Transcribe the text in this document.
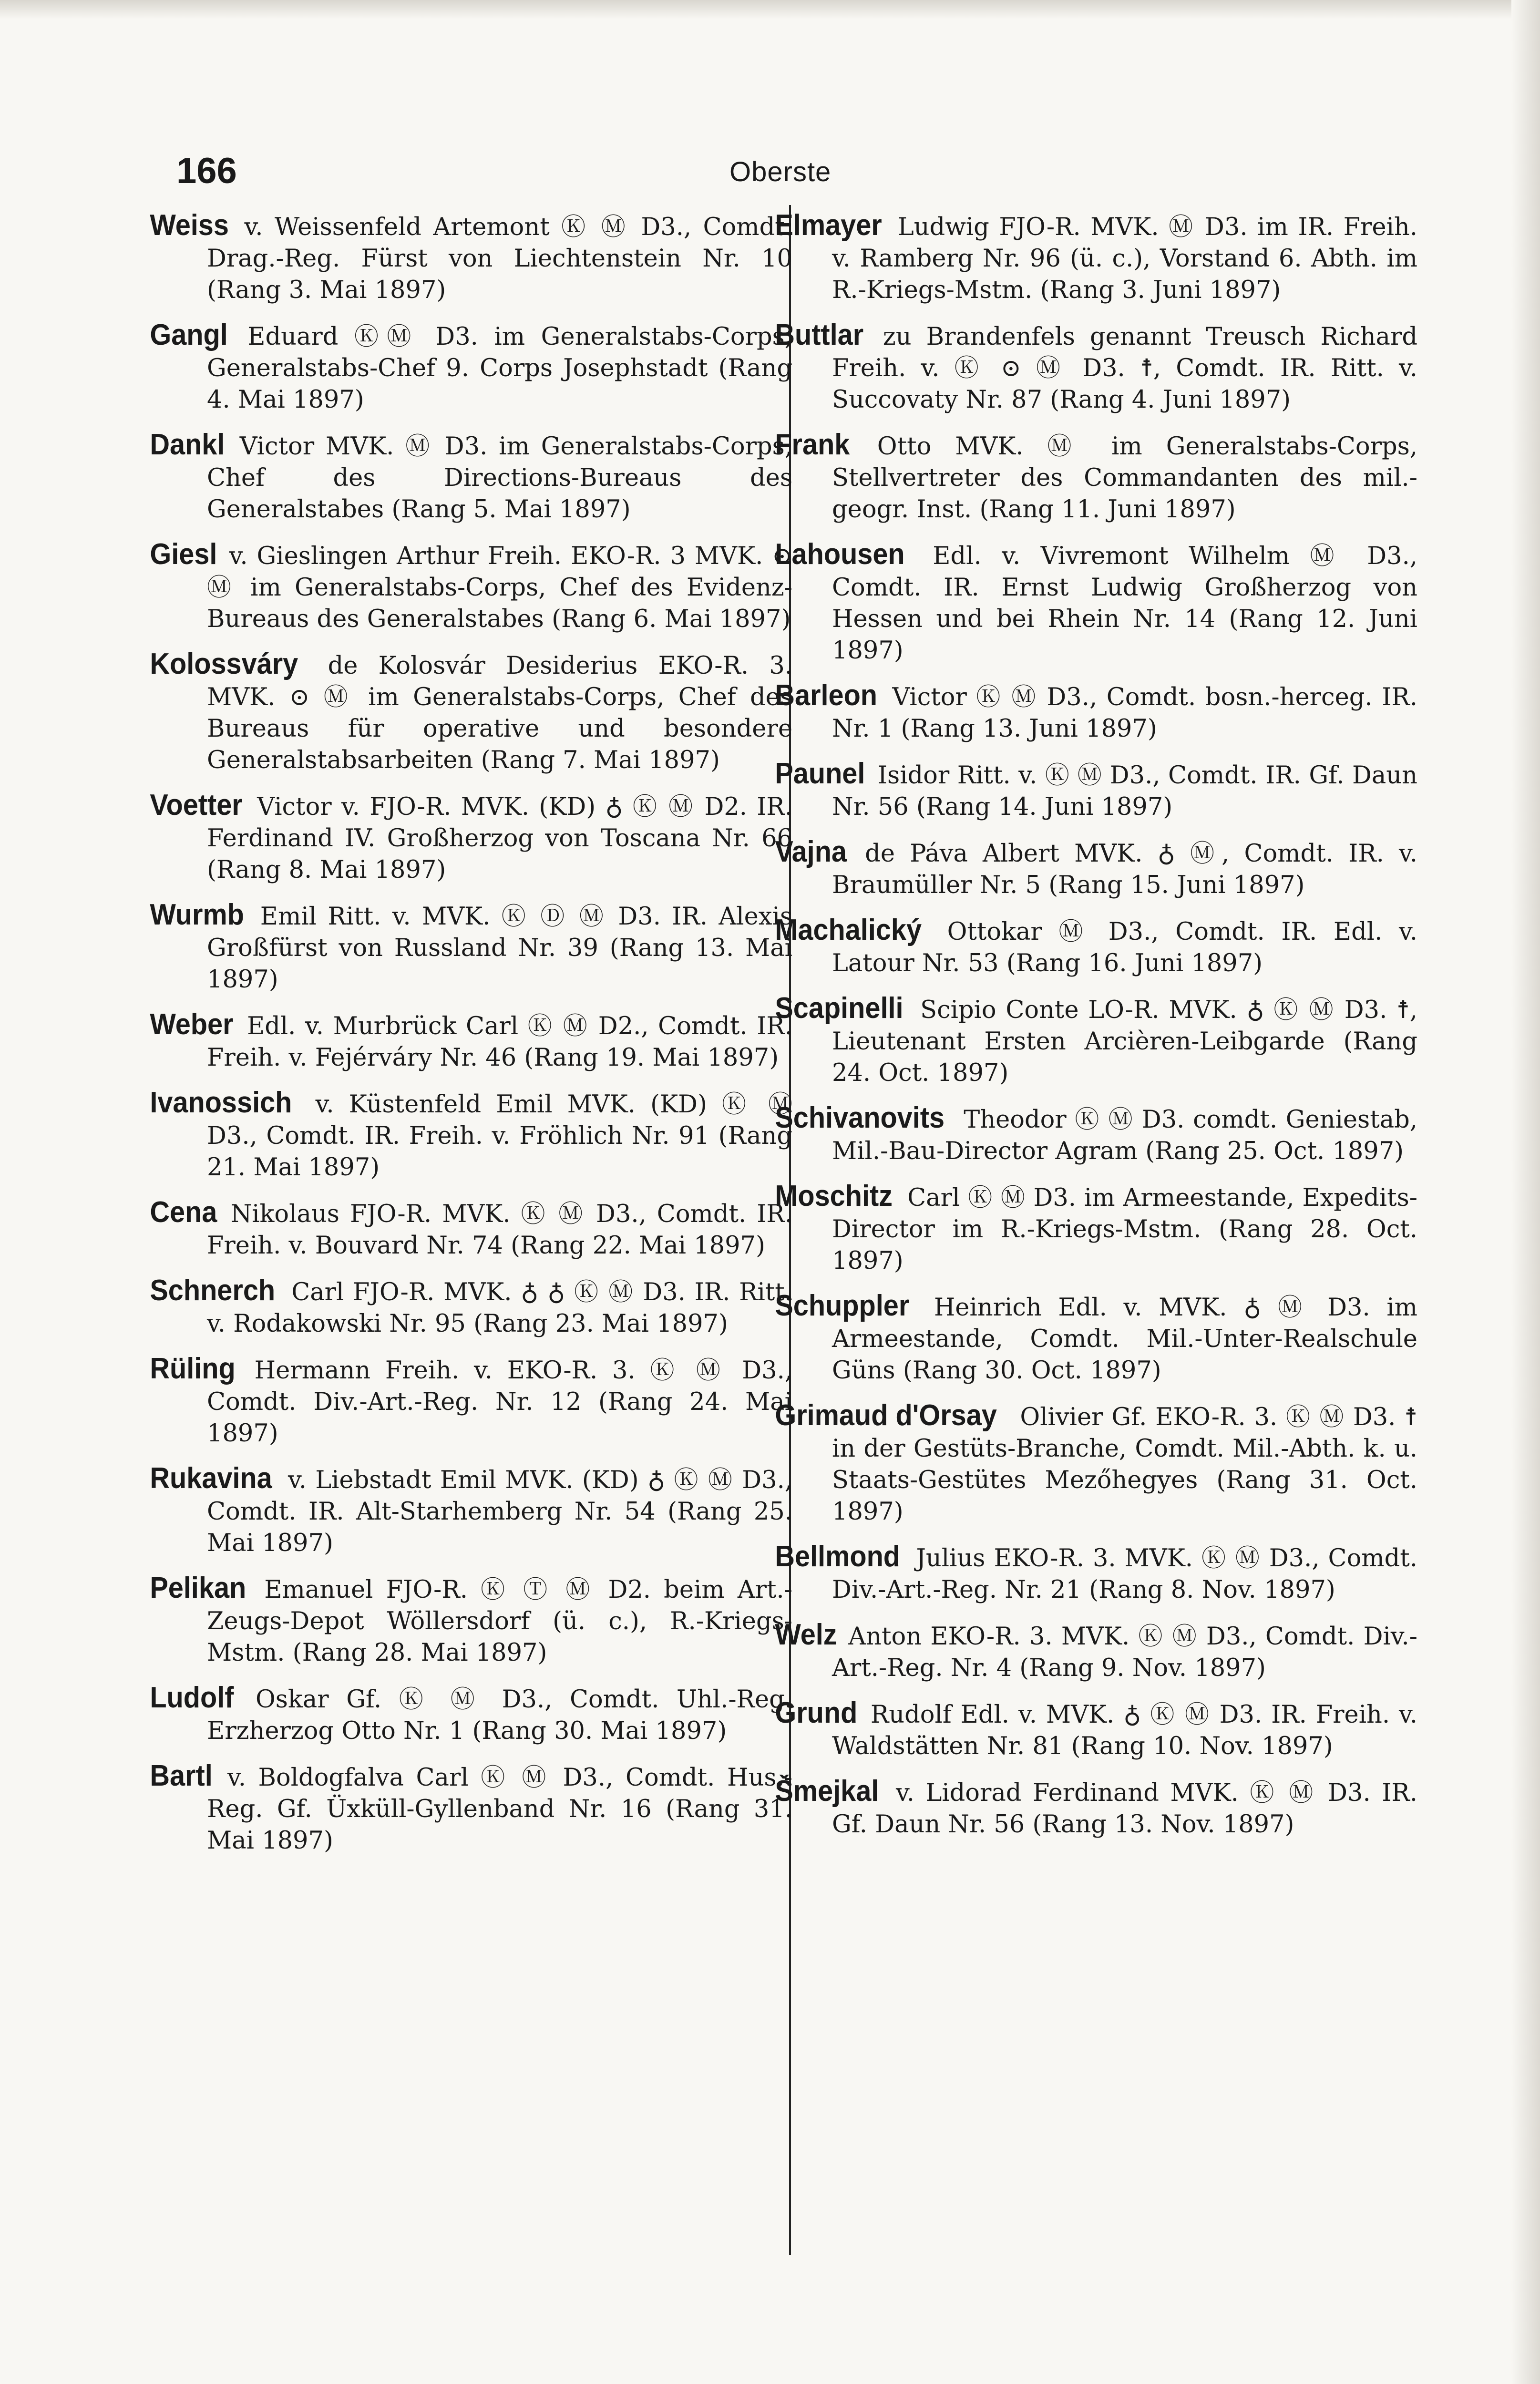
166	Oberste
Weiss v. Weissenfeld Artemont Ⓚ Ⓜ D3., Comdt. Drag.-Reg. Fürst von Liechtenstein Nr. 10 (Rang 3. Mai 1897)
Gangl Eduard ⓀⓂ D3. im Generalstabs-Corps, Generalstabs-Chef 9. Corps Josephstadt (Rang 4. Mai 1897)
Dankl Victor MVK. Ⓜ D3. im Generalstabs-Corps, Chef des Directions-Bureaus des Generalstabes (Rang 5. Mai 1897)
Giesl v. Gieslingen Arthur Freih. EKO-R. 3 MVK. ⊙ Ⓜ im Generalstabs-Corps, Chef des Evidenz-Bureaus des Generalstabes (Rang 6. Mai 1897)
Kolossváry de Kolosvár Desiderius EKO-R. 3. MVK. ⊙ Ⓜ im Generalstabs-Corps, Chef des Bureaus für operative und besondere Generalstabsarbeiten (Rang 7. Mai 1897)
Voetter Victor v. FJO-R. MVK. (KD) ♁ Ⓚ Ⓜ D2. IR. Ferdinand IV. Großherzog von Toscana Nr. 66 (Rang 8. Mai 1897)
Wurmb Emil Ritt. v. MVK. Ⓚ Ⓓ Ⓜ D3. IR. Alexis Großfürst von Russland Nr. 39 (Rang 13. Mai 1897)
Weber Edl. v. Murbrück Carl Ⓚ Ⓜ D2., Comdt. IR. Freih. v. Fejérváry Nr. 46 (Rang 19. Mai 1897)
Ivanossich v. Küstenfeld Emil MVK. (KD) Ⓚ Ⓜ D3., Comdt. IR. Freih. v. Fröhlich Nr. 91 (Rang 21. Mai 1897)
Cena Nikolaus FJO-R. MVK. Ⓚ Ⓜ D3., Comdt. IR. Freih. v. Bouvard Nr. 74 (Rang 22. Mai 1897)
Schnerch Carl FJO-R. MVK. ♁ ♁ Ⓚ Ⓜ D3. IR. Ritt. v. Rodakowski Nr. 95 (Rang 23. Mai 1897)
Rüling Hermann Freih. v. EKO-R. 3. Ⓚ Ⓜ D3., Comdt. Div.-Art.-Reg. Nr. 12 (Rang 24. Mai 1897)
Rukavina v. Liebstadt Emil MVK. (KD) ♁ Ⓚ Ⓜ D3., Comdt. IR. Alt-Starhemberg Nr. 54 (Rang 25. Mai 1897)
Pelikan Emanuel FJO-R. Ⓚ Ⓣ Ⓜ D2. beim Art.-Zeugs-Depot Wöllersdorf (ü. c.), R.-Kriegs-Mstm. (Rang 28. Mai 1897)
Ludolf Oskar Gf. Ⓚ Ⓜ D3., Comdt. Uhl.-Reg. Erzherzog Otto Nr. 1 (Rang 30. Mai 1897)
Bartl v. Boldogfalva Carl Ⓚ Ⓜ D3., Comdt. Hus.-Reg. Gf. Üxküll-Gyllenband Nr. 16 (Rang 31. Mai 1897)
Elmayer Ludwig FJO-R. MVK. Ⓜ D3. im IR. Freih. v. Ramberg Nr. 96 (ü. c.), Vorstand 6. Abth. im R.-Kriegs-Mstm. (Rang 3. Juni 1897)
Buttlar zu Brandenfels genannt Treusch Richard Freih. v. Ⓚ ⊙ Ⓜ D3. ☨, Comdt. IR. Ritt. v. Succovaty Nr. 87 (Rang 4. Juni 1897)
Frank Otto MVK. Ⓜ im Generalstabs-Corps, Stellvertreter des Commandanten des mil.-geogr. Inst. (Rang 11. Juni 1897)
Lahousen Edl. v. Vivremont Wilhelm Ⓜ D3., Comdt. IR. Ernst Ludwig Großherzog von Hessen und bei Rhein Nr. 14 (Rang 12. Juni 1897)
Barleon Victor Ⓚ Ⓜ D3., Comdt. bosn.-herceg. IR. Nr. 1 (Rang 13. Juni 1897)
Paunel Isidor Ritt. v. Ⓚ Ⓜ D3., Comdt. IR. Gf. Daun Nr. 56 (Rang 14. Juni 1897)
Vajna de Páva Albert MVK. ♁ Ⓜ, Comdt. IR. v. Braumüller Nr. 5 (Rang 15. Juni 1897)
Machalický Ottokar Ⓜ D3., Comdt. IR. Edl. v. Latour Nr. 53 (Rang 16. Juni 1897)
Scapinelli Scipio Conte LO-R. MVK. ♁ Ⓚ Ⓜ D3. ☨, Lieutenant Ersten Arcièren-Leibgarde (Rang 24. Oct. 1897)
Schivanovits Theodor Ⓚ Ⓜ D3. comdt. Geniestab, Mil.-Bau-Director Agram (Rang 25. Oct. 1897)
Moschitz Carl Ⓚ Ⓜ D3. im Armeestande, Expedits-Director im R.-Kriegs-Mstm. (Rang 28. Oct. 1897)
Schuppler Heinrich Edl. v. MVK. ♁ Ⓜ D3. im Armeestande, Comdt. Mil.-Unter-Realschule Güns (Rang 30. Oct. 1897)
Grimaud d'Orsay Olivier Gf. EKO-R. 3. Ⓚ Ⓜ D3. ☨ in der Gestüts-Branche, Comdt. Mil.-Abth. k. u. Staats-Gestütes Mezőhegyes (Rang 31. Oct. 1897)
Bellmond Julius EKO-R. 3. MVK. Ⓚ Ⓜ D3., Comdt. Div.-Art.-Reg. Nr. 21 (Rang 8. Nov. 1897)
Welz Anton EKO-R. 3. MVK. Ⓚ Ⓜ D3., Comdt. Div.-Art.-Reg. Nr. 4 (Rang 9. Nov. 1897)
Grund Rudolf Edl. v. MVK. ♁ Ⓚ Ⓜ D3. IR. Freih. v. Waldstätten Nr. 81 (Rang 10. Nov. 1897)
Šmejkal v. Lidorad Ferdinand MVK. Ⓚ Ⓜ D3. IR. Gf. Daun Nr. 56 (Rang 13. Nov. 1897)
